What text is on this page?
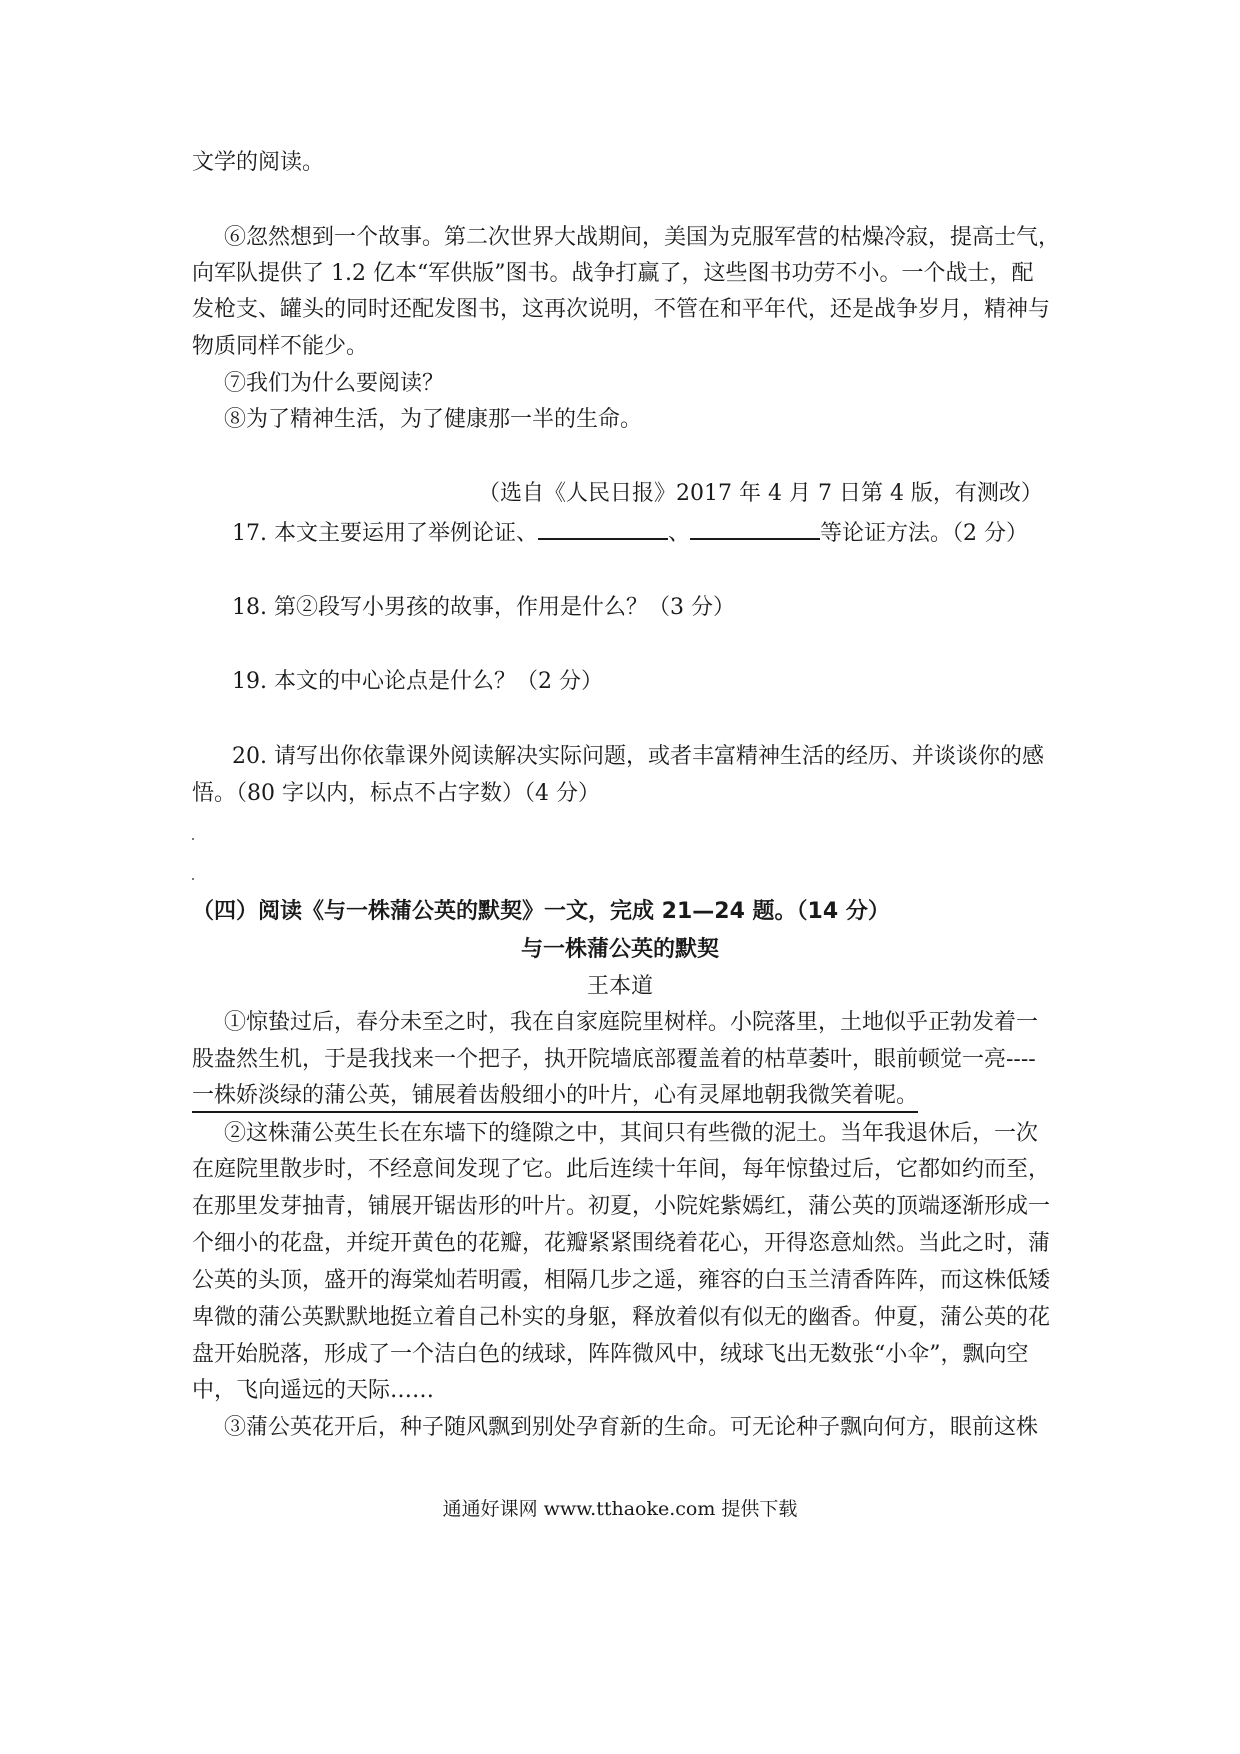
文学的阅读。
⑥忽然想到一个故事。第二次世界大战期间，美国为克服军营的枯燥冷寂，提高士气，
向军队提供了 1.2 亿本“军供版”图书。战争打赢了，这些图书功劳不小。一个战士，配
发枪支、罐头的同时还配发图书，这再次说明，不管在和平年代，还是战争岁月，精神与
物质同样不能少。
⑦我们为什么要阅读？
⑧为了精神生活，为了健康那一半的生命。
（选自《人民日报》2017 年 4 月 7 日第 4 版，有测改）
17. 本文主要运用了举例论证、	、	等论证方法。（2 分）
18. 第②段写小男孩的故事，作用是什么？（3 分）
19. 本文的中心论点是什么？（2 分）
20. 请写出你依靠课外阅读解决实际问题，或者丰富精神生活的经历、并谈谈你的感
悟。（80 字以内，标点不占字数）（4 分）
（四）阅读《与一株蒲公英的默契》一文，完成 21—24 题。（14 分）
与一株蒲公英的默契
王本道
①惊蛰过后，春分未至之时，我在自家庭院里树样。小院落里，土地似乎正勃发着一
股盎然生机，于是我找来一个把子，执开院墙底部覆盖着的枯草萎叶，眼前顿觉一亮----
一株娇淡绿的蒲公英，铺展着齿般细小的叶片，心有灵犀地朝我微笑着呢。
②这株蒲公英生长在东墙下的缝隙之中，其间只有些微的泥土。当年我退休后，一次
在庭院里散步时，不经意间发现了它。此后连续十年间，每年惊蛰过后，它都如约而至，
在那里发芽抽青，铺展开锯齿形的叶片。初夏，小院姹紫嫣红，蒲公英的顶端逐渐形成一
个细小的花盘，并绽开黄色的花瓣，花瓣紧紧围绕着花心，开得恣意灿然。当此之时，蒲
公英的头顶，盛开的海棠灿若明霞，相隔几步之遥，雍容的白玉兰清香阵阵，而这株低矮
卑微的蒲公英默默地挺立着自己朴实的身躯，释放着似有似无的幽香。仲夏，蒲公英的花
盘开始脱落，形成了一个洁白色的绒球，阵阵微风中，绒球飞出无数张“小伞”，飘向空
中，飞向遥远的天际……
③蒲公英花开后，种子随风飘到别处孕育新的生命。可无论种子飘向何方，眼前这株
通通好课网 www.tthaoke.com 提供下载
